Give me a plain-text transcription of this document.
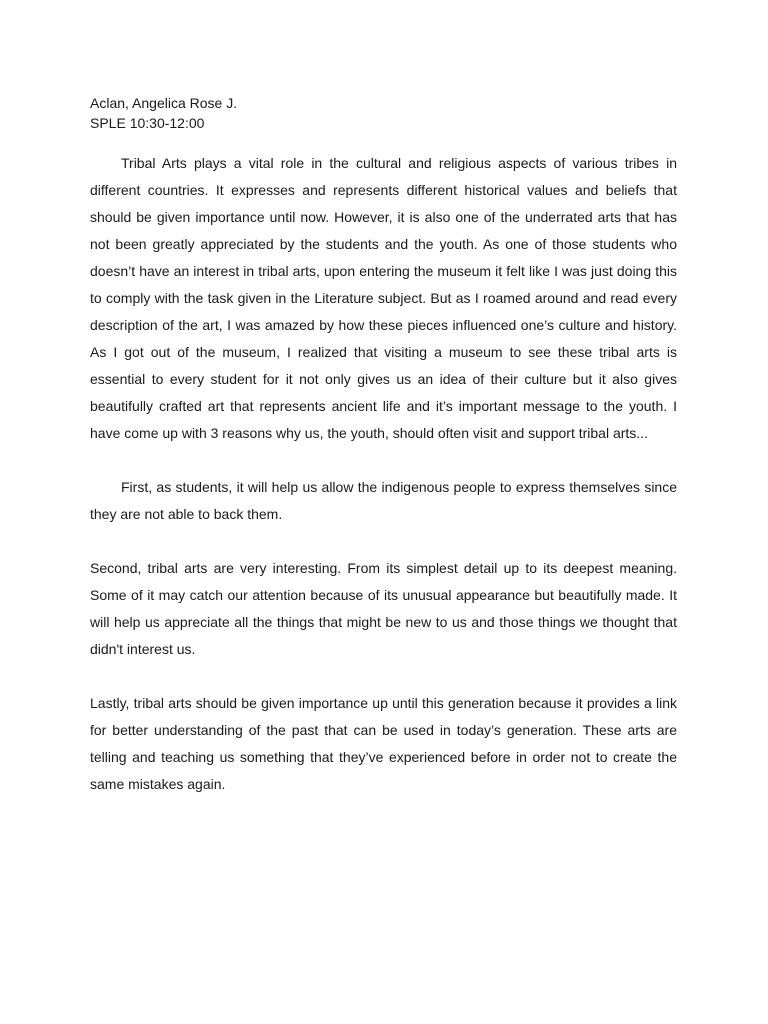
Aclan, Angelica Rose J.
SPLE 10:30-12:00

Tribal Arts plays a vital role in the cultural and religious aspects of various tribes in different countries. It expresses and represents different historical values and beliefs that should be given importance until now. However, it is also one of the underrated arts that has not been greatly appreciated by the students and the youth. As one of those students who doesn’t have an interest in tribal arts, upon entering the museum it felt like I was just doing this to comply with the task given in the Literature subject. But as I roamed around and read every description of the art, I was amazed by how these pieces influenced one’s culture and history. As I got out of the museum, I realized that visiting a museum to see these tribal arts is essential to every student for it not only gives us an idea of their culture but it also gives beautifully crafted art that represents ancient life and it’s important message to the youth. I have come up with 3 reasons why us, the youth, should often visit and support tribal arts...

First, as students, it will help us allow the indigenous people to express themselves since they are not able to back them.

Second, tribal arts are very interesting. From its simplest detail up to its deepest meaning. Some of it may catch our attention because of its unusual appearance but beautifully made. It will help us appreciate all the things that might be new to us and those things we thought that didn't interest us.

Lastly, tribal arts should be given importance up until this generation because it provides a link for better understanding of the past that can be used in today’s generation. These arts are telling and teaching us something that they’ve experienced before in order not to create the same mistakes again.
